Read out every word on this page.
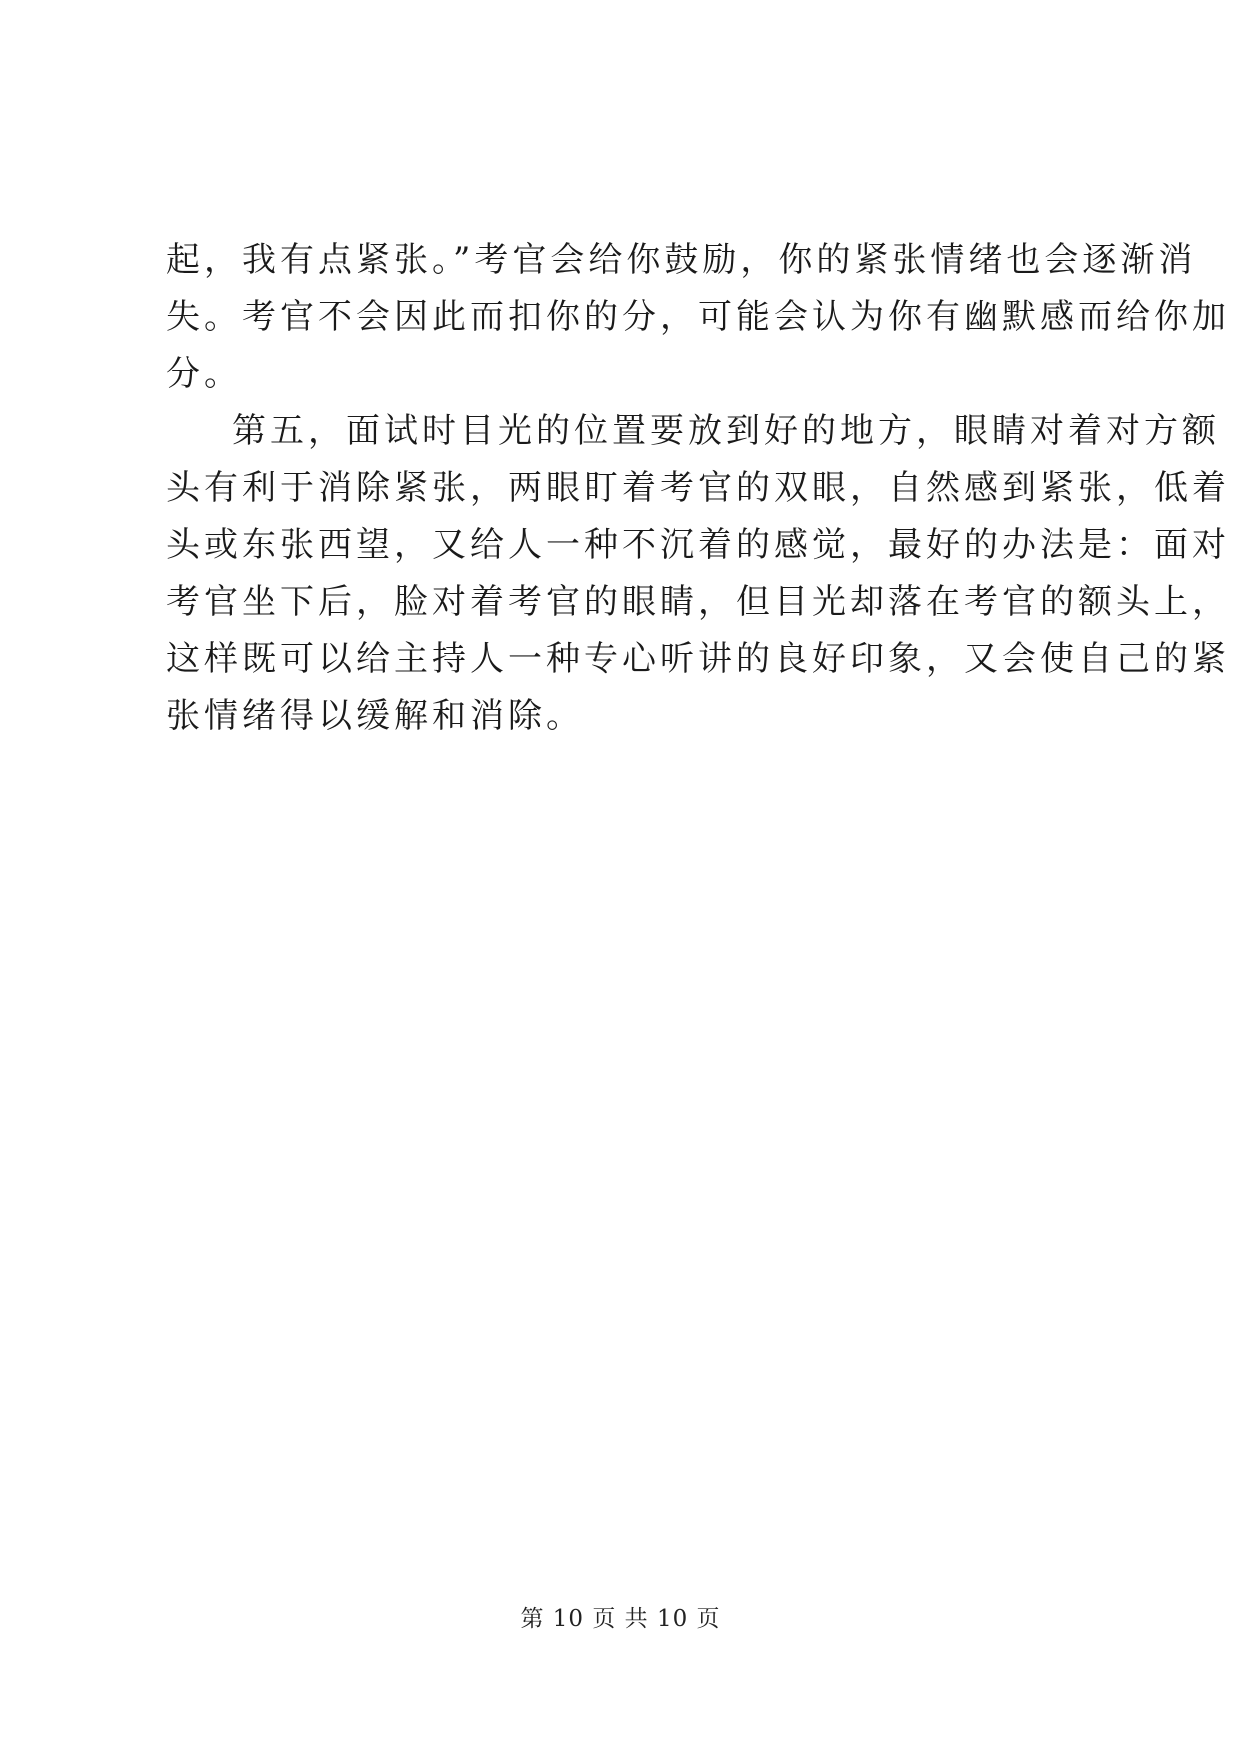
起，我有点紧张。”考官会给你鼓励，你的紧张情绪也会逐渐消
失。考官不会因此而扣你的分，可能会认为你有幽默感而给你加
分。
第五，面试时目光的位置要放到好的地方，眼睛对着对方额
头有利于消除紧张，两眼盯着考官的双眼，自然感到紧张，低着
头或东张西望，又给人一种不沉着的感觉，最好的办法是：面对
考官坐下后，脸对着考官的眼睛，但目光却落在考官的额头上，
这样既可以给主持人一种专心听讲的良好印象，又会使自己的紧
张情绪得以缓解和消除。
第 10 页 共 10 页
